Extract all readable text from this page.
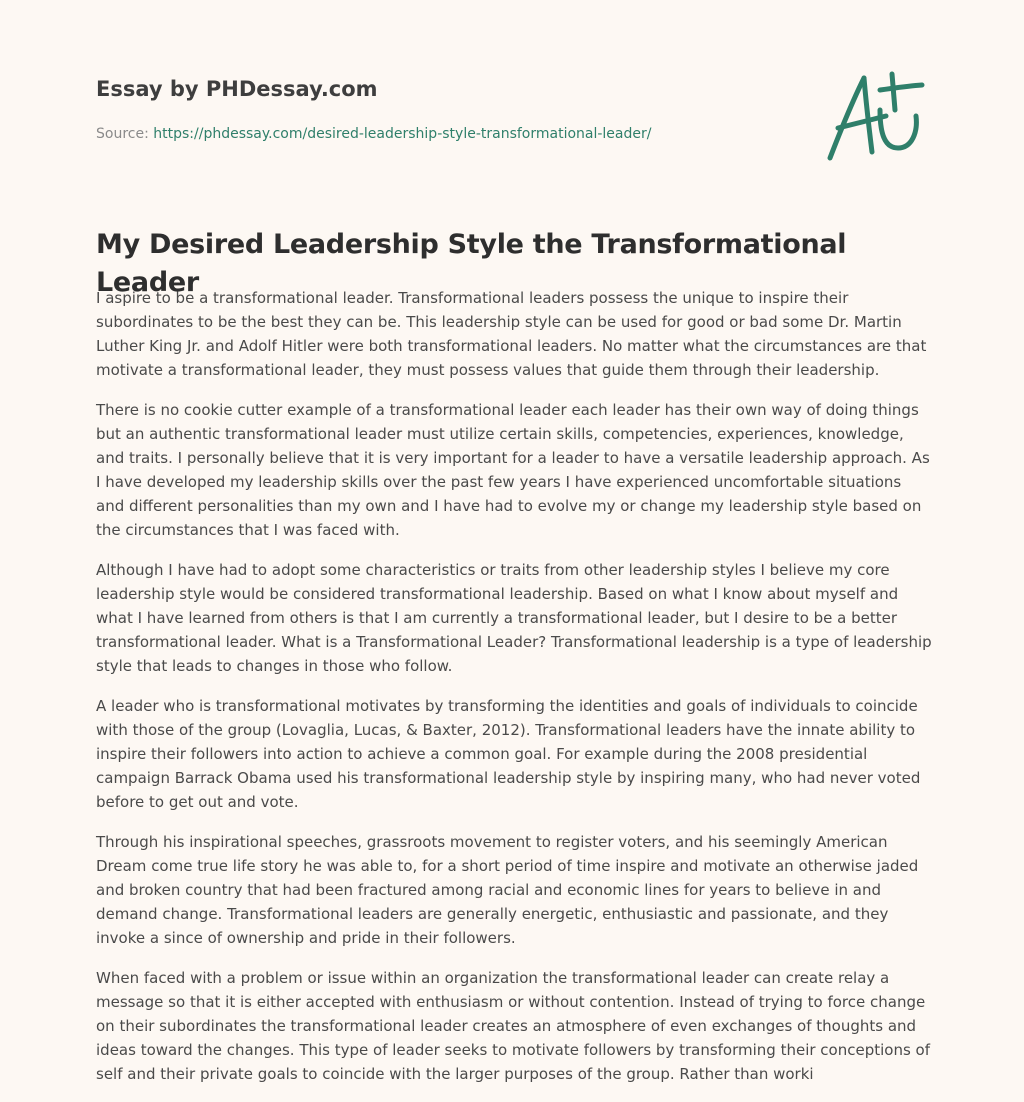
Essay by PHDessay.com
Source: https://phdessay.com/desired-leadership-style-transformational-leader/
My Desired Leadership Style the Transformational Leader

I aspire to be a transformational leader. Transformational leaders possess the unique to inspire their subordinates to be the best they can be. This leadership style can be used for good or bad some Dr. Martin Luther King Jr. and Adolf Hitler were both transformational leaders. No matter what the circumstances are that motivate a transformational leader, they must possess values that guide them through their leadership.

There is no cookie cutter example of a transformational leader each leader has their own way of doing things but an authentic transformational leader must utilize certain skills, competencies, experiences, knowledge, and traits. I personally believe that it is very important for a leader to have a versatile leadership approach. As I have developed my leadership skills over the past few years I have experienced uncomfortable situations and different personalities than my own and I have had to evolve my or change my leadership style based on the circumstances that I was faced with.

Although I have had to adopt some characteristics or traits from other leadership styles I believe my core leadership style would be considered transformational leadership. Based on what I know about myself and what I have learned from others is that I am currently a transformational leader, but I desire to be a better transformational leader. What is a Transformational Leader? Transformational leadership is a type of leadership style that leads to changes in those who follow.

A leader who is transformational motivates by transforming the identities and goals of individuals to coincide with those of the group (Lovaglia, Lucas, & Baxter, 2012). Transformational leaders have the innate ability to inspire their followers into action to achieve a common goal. For example during the 2008 presidential campaign Barrack Obama used his transformational leadership style by inspiring many, who had never voted before to get out and vote.

Through his inspirational speeches, grassroots movement to register voters, and his seemingly American Dream come true life story he was able to, for a short period of time inspire and motivate an otherwise jaded and broken country that had been fractured among racial and economic lines for years to believe in and demand change. Transformational leaders are generally energetic, enthusiastic and passionate, and they invoke a since of ownership and pride in their followers.

When faced with a problem or issue within an organization the transformational leader can create relay a message so that it is either accepted with enthusiasm or without contention. Instead of trying to force change on their subordinates the transformational leader creates an atmosphere of even exchanges of thoughts and ideas toward the changes. This type of leader seeks to motivate followers by transforming their conceptions of self and their private goals to coincide with the larger purposes of the group. Rather than worki
